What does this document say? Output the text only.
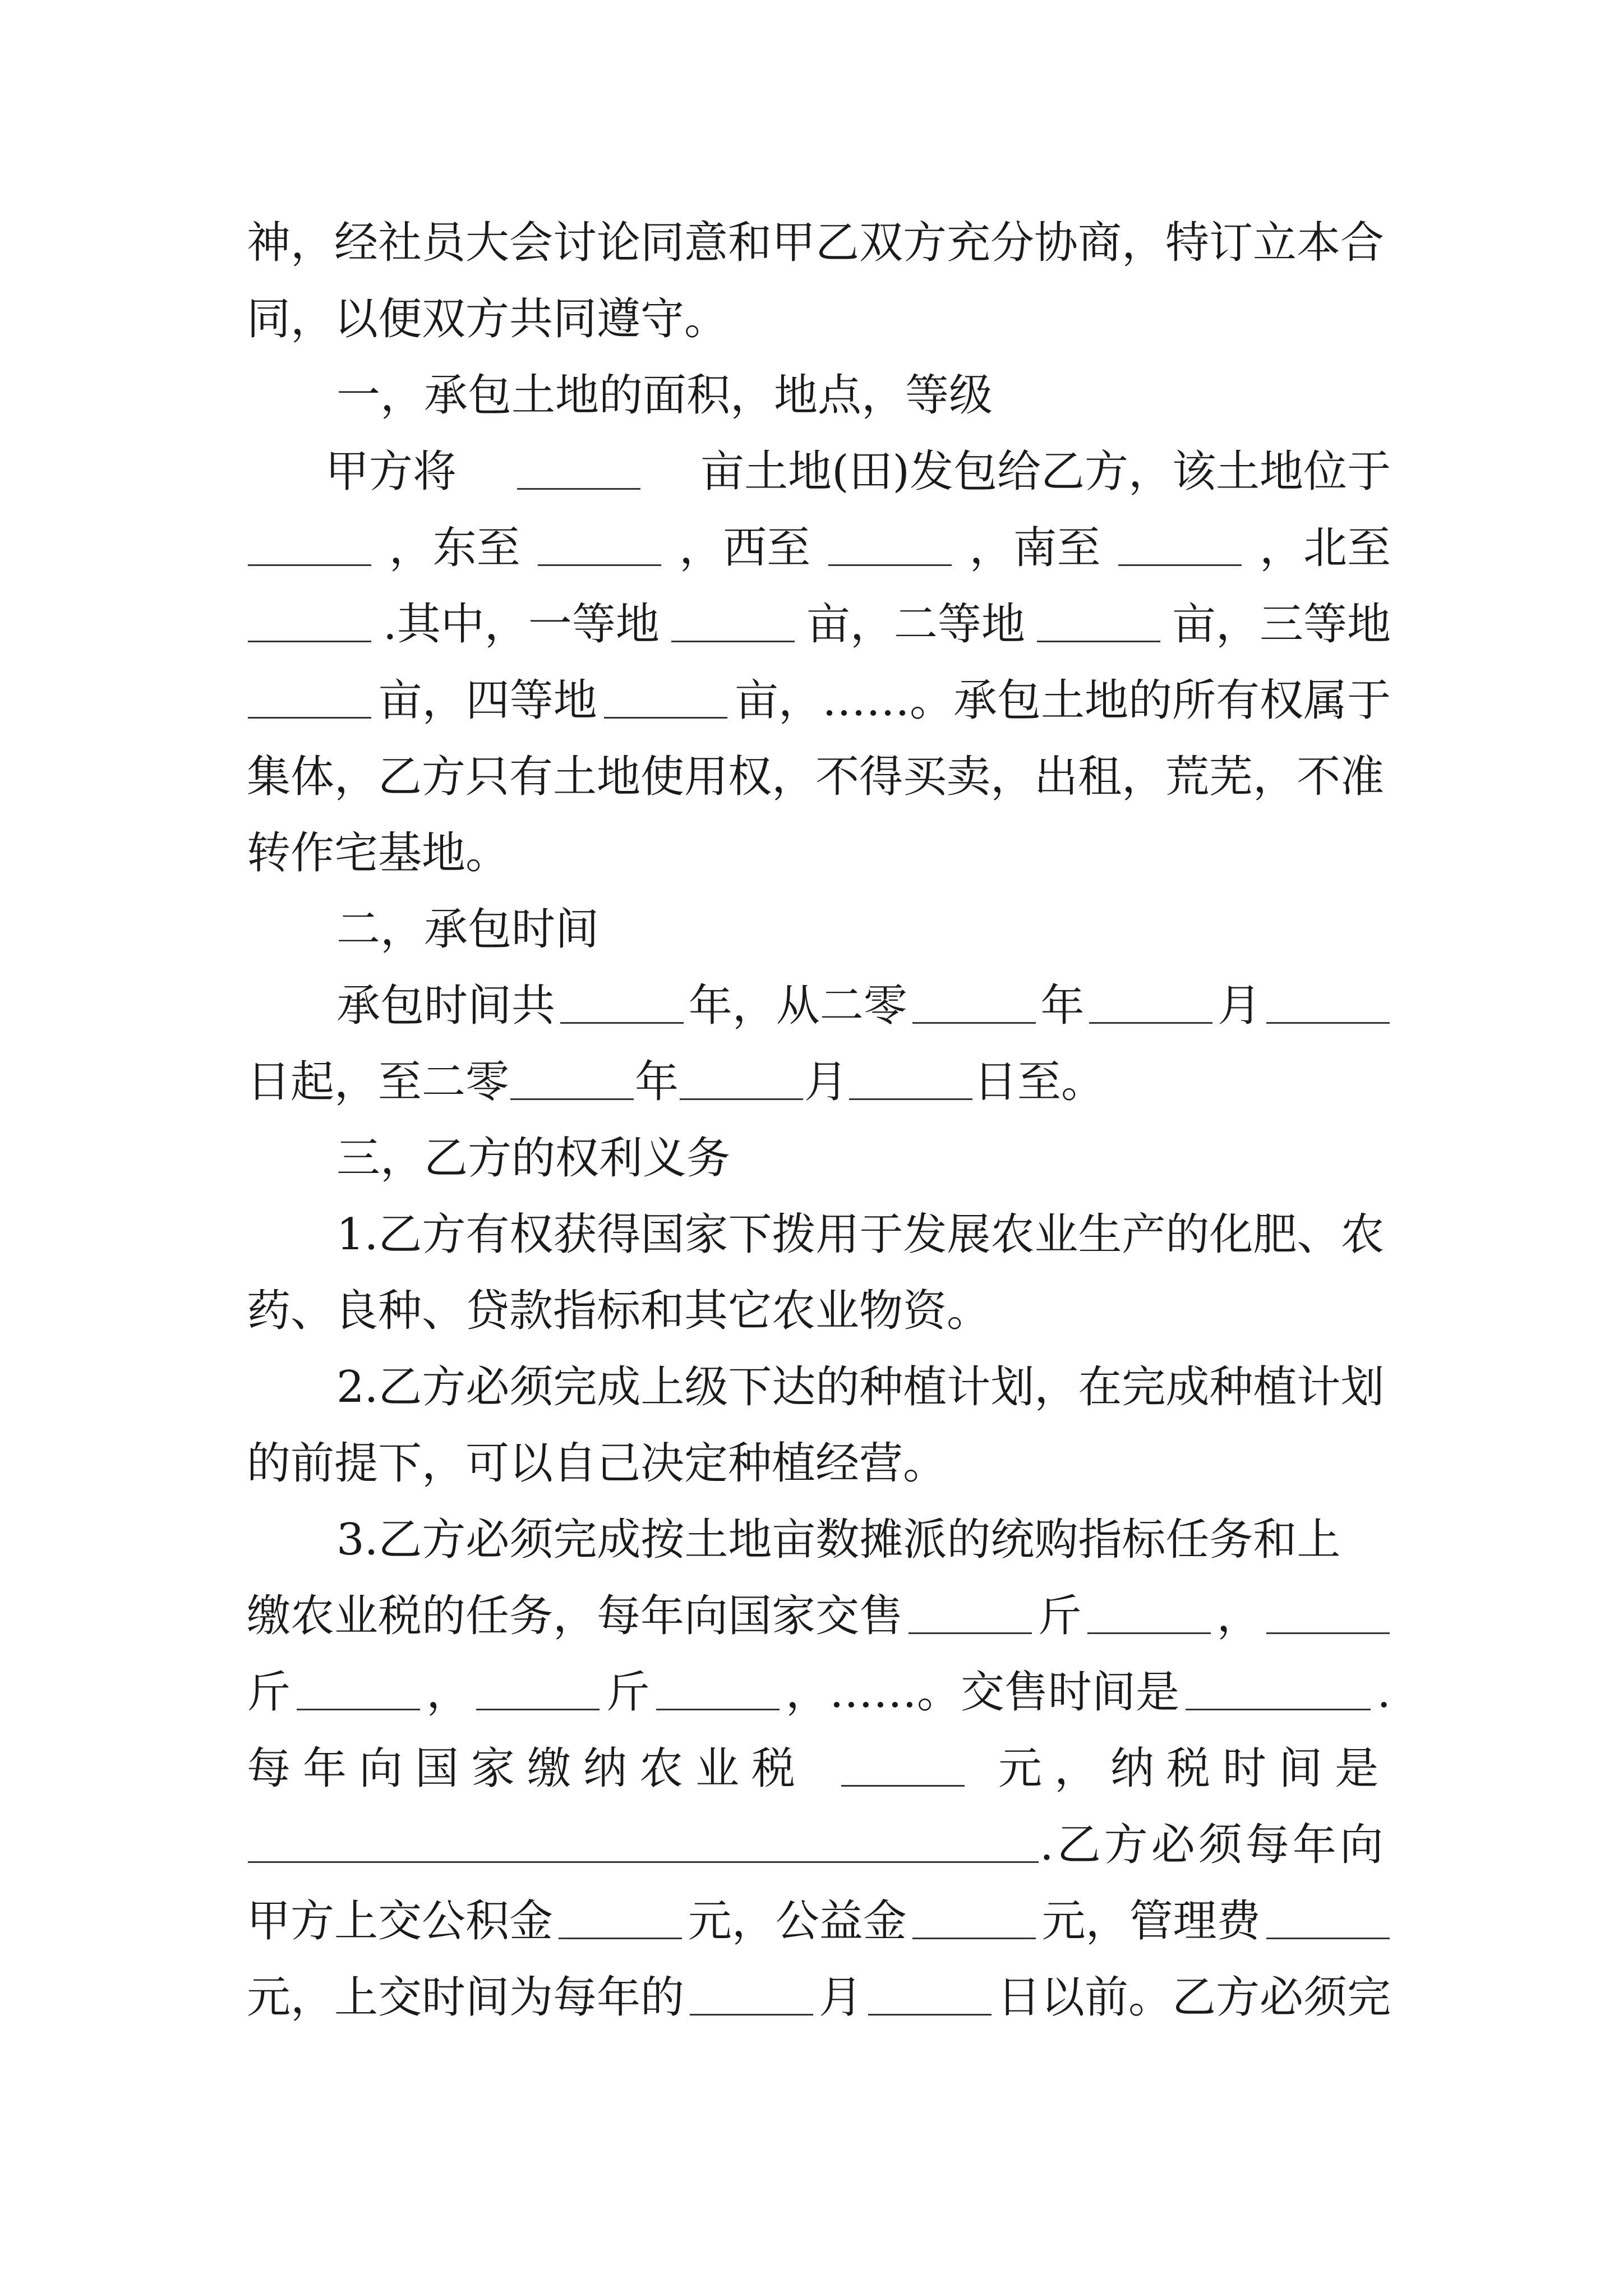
神，经社员大会讨论同意和甲乙双方充分协商，特订立本合
同，以便双方共同遵守。
一，承包土地的面积，地点，等级
甲方将	亩土地(田)发包给乙方，该土地位于
，东至	，西至	，南至	，北至
.其中，一等地	亩，二等地	亩，三等地
亩，四等地	亩，……。承包土地的所有权属于
集体，乙方只有土地使用权，不得买卖，出租，荒芜，不准
转作宅基地。
二，承包时间
承包时间共	年，从二零	年	月
日起，至二零	年	月	日至。
三，乙方的权利义务
1.乙方有权获得国家下拨用于发展农业生产的化肥、农
药、良种、贷款指标和其它农业物资。
2.乙方必须完成上级下达的种植计划，在完成种植计划
的前提下，可以自己决定种植经营。
3.乙方必须完成按土地亩数摊派的统购指标任务和上
缴农业税的任务，每年向国家交售	斤	，
斤	，	斤	，……。交售时间是	.
每年向国家缴纳农业税	元，纳税时间是
.乙方必须每年向
甲方上交公积金	元，公益金	元，管理费
元，上交时间为每年的	月	日以前。乙方必须完
